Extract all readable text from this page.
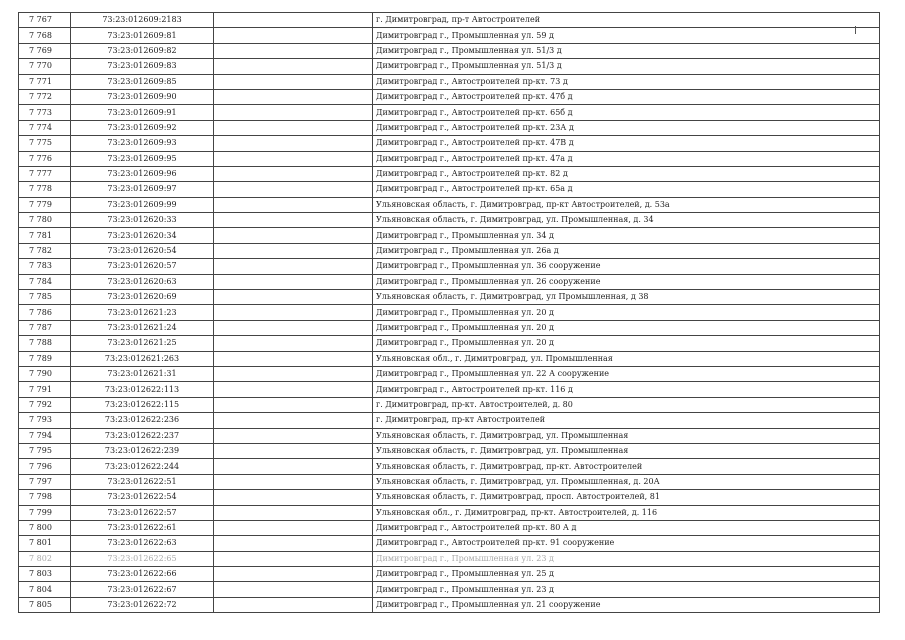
7 767	73:23:012609:2183		г. Димитровград, пр-т Автостроителей
7 768	73:23:012609:81		Димитровград г., Промышленная ул. 59 д
7 769	73:23:012609:82		Димитровград г., Промышленная ул. 51/3 д
7 770	73:23:012609:83		Димитровград г., Промышленная ул. 51/3 д
7 771	73:23:012609:85		Димитровград г., Автостроителей пр-кт. 73 д
7 772	73:23:012609:90		Димитровград г., Автостроителей пр-кт. 47б д
7 773	73:23:012609:91		Димитровград г., Автостроителей пр-кт. 65б д
7 774	73:23:012609:92		Димитровград г., Автостроителей пр-кт. 23А д
7 775	73:23:012609:93		Димитровград г., Автостроителей пр-кт. 47В д
7 776	73:23:012609:95		Димитровград г., Автостроителей пр-кт. 47а д
7 777	73:23:012609:96		Димитровград г., Автостроителей пр-кт. 82 д
7 778	73:23:012609:97		Димитровград г., Автостроителей пр-кт. 65а д
7 779	73:23:012609:99		Ульяновская область, г. Димитровград, пр-кт Автостроителей, д. 53а
7 780	73:23:012620:33		Ульяновская область, г. Димитровград, ул. Промышленная, д. 34
7 781	73:23:012620:34		Димитровград г., Промышленная ул. 34 д
7 782	73:23:012620:54		Димитровград г., Промышленная ул. 26а д
7 783	73:23:012620:57		Димитровград г., Промышленная ул. 36 сооружение
7 784	73:23:012620:63		Димитровград г., Промышленная ул. 26 сооружение
7 785	73:23:012620:69		Ульяновская область, г. Димитровград, ул Промышленная, д 38
7 786	73:23:012621:23		Димитровград г., Промышленная ул. 20 д
7 787	73:23:012621:24		Димитровград г., Промышленная ул. 20 д
7 788	73:23:012621:25		Димитровград г., Промышленная ул. 20 д
7 789	73:23:012621:263		Ульяновская обл., г. Димитровград, ул. Промышленная
7 790	73:23:012621:31		Димитровград г., Промышленная ул. 22 А сооружение
7 791	73:23:012622:113		Димитровград г., Автостроителей пр-кт. 116 д
7 792	73:23:012622:115		г. Димитровград, пр-кт. Автостроителей, д. 80
7 793	73:23:012622:236		г. Димитровград, пр-кт Автостроителей
7 794	73:23:012622:237		Ульяновская область, г. Димитровград, ул. Промышленная
7 795	73:23:012622:239		Ульяновская область, г. Димитровград, ул. Промышленная
7 796	73:23:012622:244		Ульяновская область, г. Димитровград, пр-кт. Автостроителей
7 797	73:23:012622:51		Ульяновская область, г. Димитровград, ул. Промышленная, д. 20А
7 798	73:23:012622:54		Ульяновская область, г. Димитровград, просп. Автостроителей, 81
7 799	73:23:012622:57		Ульяновская обл., г. Димитровград, пр-кт. Автостроителей, д. 116
7 800	73:23:012622:61		Димитровград г., Автостроителей пр-кт. 80 А д
7 801	73:23:012622:63		Димитровград г., Автостроителей пр-кт. 91 сооружение
7 802	73:23:012622:65		Димитровград г., Промышленная ул. 23 д
7 803	73:23:012622:66		Димитровград г., Промышленная ул. 25 д
7 804	73:23:012622:67		Димитровград г., Промышленная ул. 23 д
7 805	73:23:012622:72		Димитровград г., Промышленная ул. 21 сооружение
